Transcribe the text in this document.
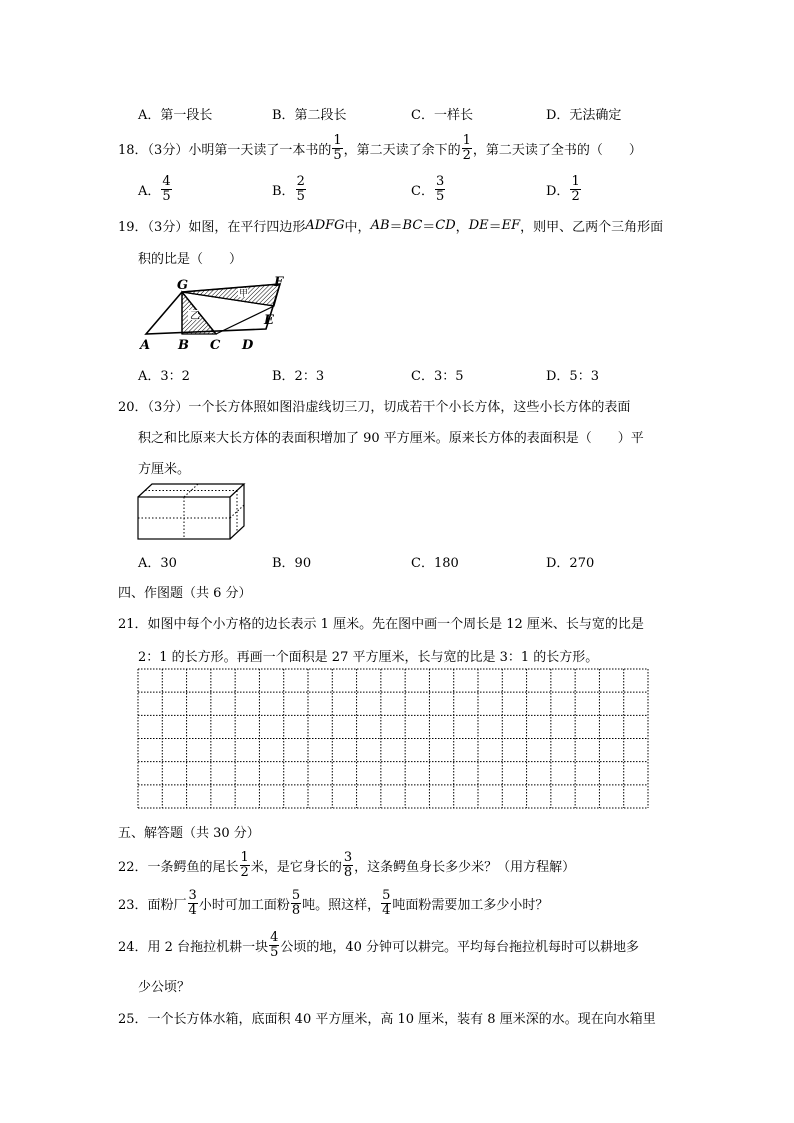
A．第一段长	B．第二段长	C．一样长	D．无法确定
18．（3分）小明第一天读了一本书的 $\frac{1}{5}$ ，第二天读了余下的 $\frac{1}{2}$ ，第二天读了全书的（　　）
A． $\frac{4}{5}$	B． $\frac{2}{5}$	C． $\frac{3}{5}$	D． $\frac{1}{2}$
19．（3分）如图，在平行四边形 ADFG 中， AB ＝ BC ＝ CD ， DE ＝ EF ，则甲、乙两个三角形面
积的比是（　　）
乙
甲
G	F
E
A B C D
A．3：2	B．2：3	C．3：5	D．5：3
20．（3分）一个长方体照如图沿虚线切三刀，切成若干个小长方体，这些小长方体的表面
积之和比原来大长方体的表面积增加了 90 平方厘米。原来长方体的表面积是（　　）平
方厘米。
A．30	B．90	C．180	D．270
四、作图题（共 6 分）
21．如图中每个小方格的边长表示 1 厘米。先在图中画一个周长是 12 厘米、长与宽的比是
2：1 的长方形。再画一个面积是 27 平方厘米，长与宽的比是 3：1 的长方形。
五、解答题（共 30 分）
22．一条鳄鱼的尾长 $\frac{1}{2}$ 米，是它身长的 $\frac{3}{8}$ ，这条鳄鱼身长多少米？（用方程解）
23．面粉厂 $\frac{3}{4}$ 小时可加工面粉 $\frac{5}{8}$ 吨。照这样， $\frac{5}{4}$ 吨面粉需要加工多少小时？
24．用 2 台拖拉机耕一块 $\frac{4}{5}$ 公顷的地，40 分钟可以耕完。平均每台拖拉机每时可以耕地多
少公顷？
25．一个长方体水箱，底面积 40 平方厘米，高 10 厘米，装有 8 厘米深的水。现在向水箱里
